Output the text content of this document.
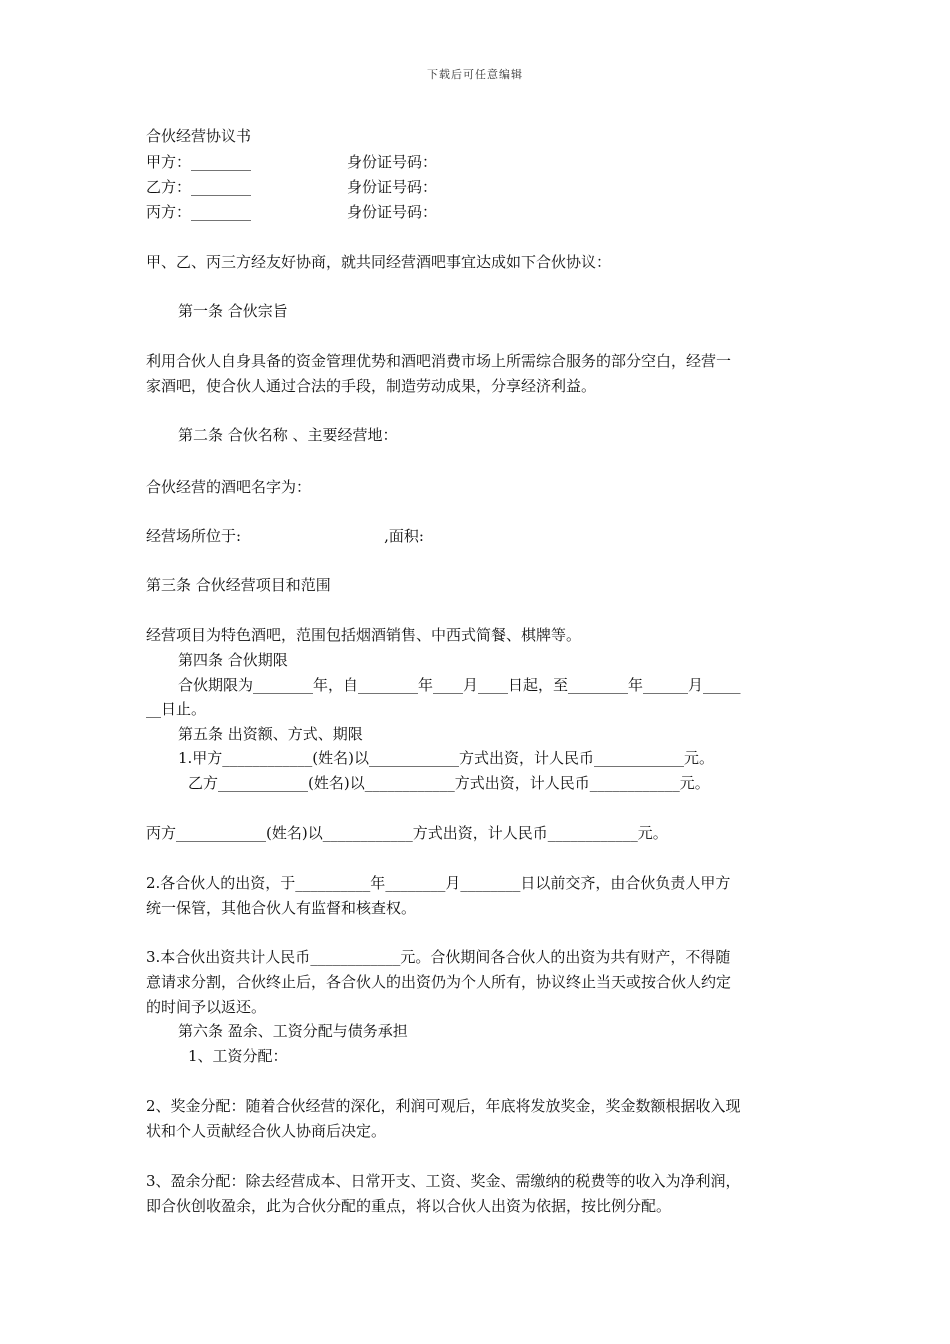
下载后可任意编辑
合伙经营协议书
甲方：________	身份证号码：
乙方：________	身份证号码：
丙方：________	身份证号码：
甲、乙、丙三方经友好协商，就共同经营酒吧事宜达成如下合伙协议：
第一条 合伙宗旨
利用合伙人自身具备的资金管理优势和酒吧消费市场上所需综合服务的部分空白，经营一
家酒吧，使合伙人通过合法的手段，制造劳动成果，分享经济利益。
第二条 合伙名称 、主要经营地：
合伙经营的酒吧名字为：
经营场所位于:                              ,面积:
第三条 合伙经营项目和范围
经营项目为特色酒吧，范围包括烟酒销售、中西式简餐、棋牌等。
第四条 合伙期限
合伙期限为________年，自________年____月____日起，至________年______月_____
__日止。
第五条 出资额、方式、期限
1.甲方____________(姓名)以____________方式出资，计人民币____________元。
乙方____________(姓名)以____________方式出资，计人民币____________元。
丙方____________(姓名)以____________方式出资，计人民币____________元。
2.各合伙人的出资，于__________年________月________日以前交齐，由合伙负责人甲方
统一保管，其他合伙人有监督和核查权。
3.本合伙出资共计人民币____________元。合伙期间各合伙人的出资为共有财产，不得随
意请求分割，合伙终止后，各合伙人的出资仍为个人所有，协议终止当天或按合伙人约定
的时间予以返还。
第六条 盈余、工资分配与债务承担
1、工资分配：
2、奖金分配：随着合伙经营的深化，利润可观后，年底将发放奖金，奖金数额根据收入现
状和个人贡献经合伙人协商后决定。
3、盈余分配：除去经营成本、日常开支、工资、奖金、需缴纳的税费等的收入为净利润，
即合伙创收盈余，此为合伙分配的重点，将以合伙人出资为依据，按比例分配。
